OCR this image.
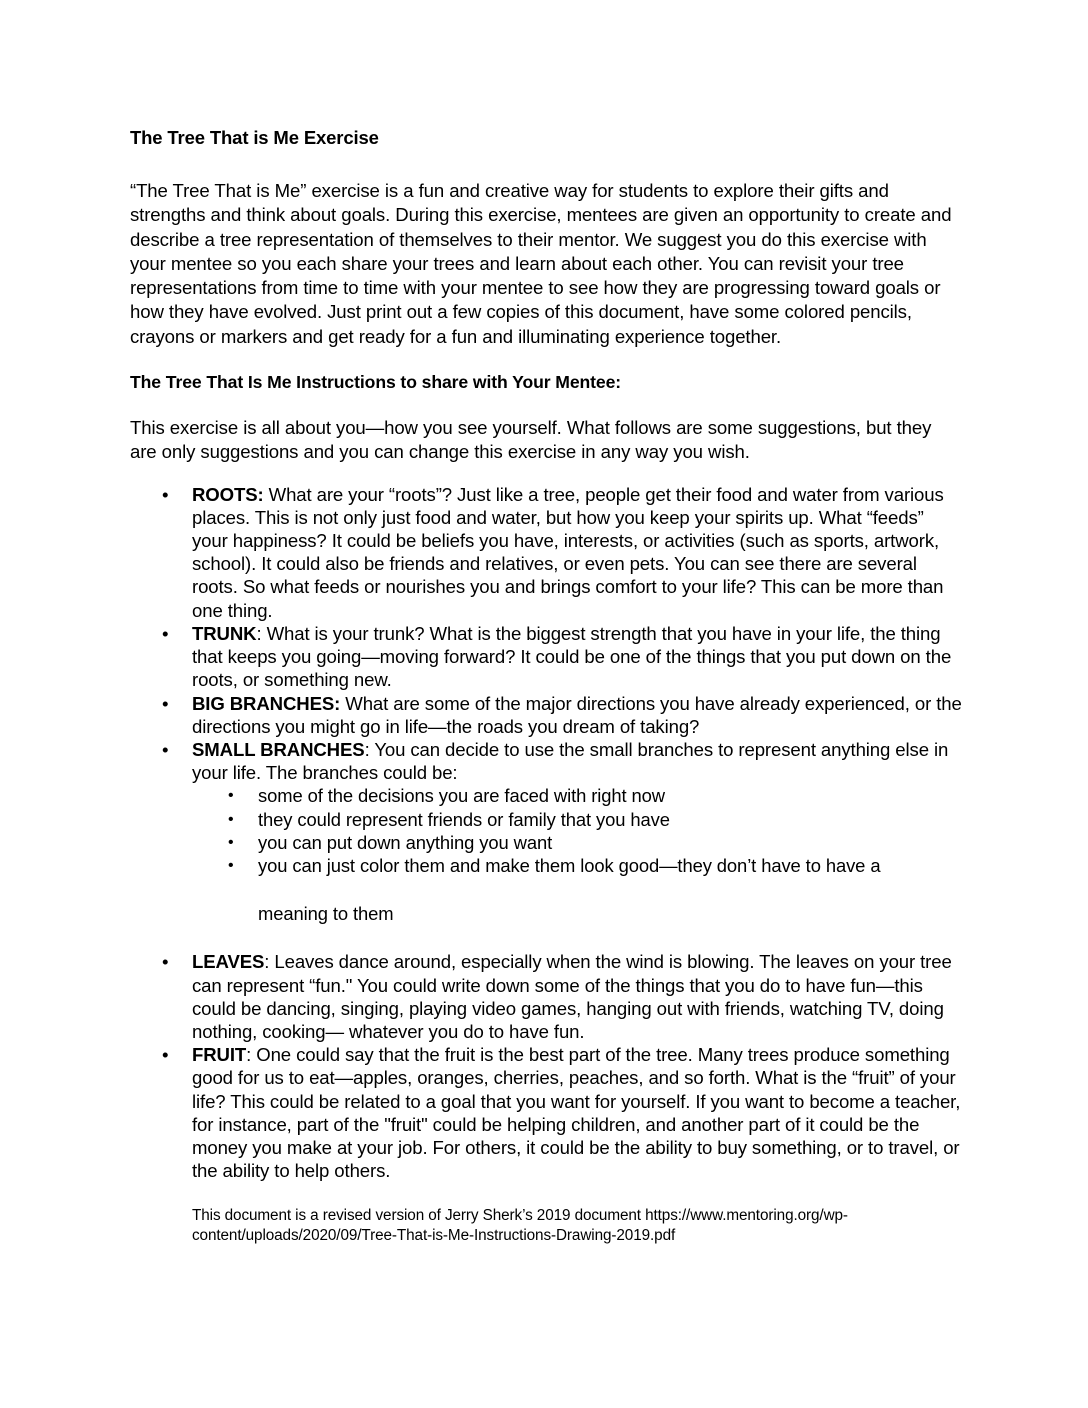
The Tree That is Me Exercise

“The Tree That is Me” exercise is a fun and creative way for students to explore their gifts and strengths and think about goals. During this exercise, mentees are given an opportunity to create and describe a tree representation of themselves to their mentor. We suggest you do this exercise with your mentee so you each share your trees and learn about each other. You can revisit your tree representations from time to time with your mentee to see how they are progressing toward goals or how they have evolved. Just print out a few copies of this document, have some colored pencils, crayons or markers and get ready for a fun and illuminating experience together.

The Tree That Is Me Instructions to share with Your Mentee:

This exercise is all about you—how you see yourself. What follows are some suggestions, but they are only suggestions and you can change this exercise in any way you wish.

• ROOTS: What are your “roots”? Just like a tree, people get their food and water from various places. This is not only just food and water, but how you keep your spirits up. What “feeds” your happiness? It could be beliefs you have, interests, or activities (such as sports, artwork, school). It could also be friends and relatives, or even pets. You can see there are several roots. So what feeds or nourishes you and brings comfort to your life? This can be more than one thing.
• TRUNK: What is your trunk? What is the biggest strength that you have in your life, the thing that keeps you going—moving forward? It could be one of the things that you put down on the roots, or something new.
• BIG BRANCHES: What are some of the major directions you have already experienced, or the directions you might go in life—the roads you dream of taking?
• SMALL BRANCHES: You can decide to use the small branches to represent anything else in your life. The branches could be:
• some of the decisions you are faced with right now
• they could represent friends or family that you have
• you can put down anything you want
• you can just color them and make them look good—they don’t have to have a
meaning to them
• LEAVES: Leaves dance around, especially when the wind is blowing. The leaves on your tree can represent “fun." You could write down some of the things that you do to have fun—this could be dancing, singing, playing video games, hanging out with friends, watching TV, doing nothing, cooking— whatever you do to have fun.
• FRUIT: One could say that the fruit is the best part of the tree. Many trees produce something good for us to eat—apples, oranges, cherries, peaches, and so forth. What is the “fruit” of your life? This could be related to a goal that you want for yourself. If you want to become a teacher, for instance, part of the "fruit" could be helping children, and another part of it could be the money you make at your job. For others, it could be the ability to buy something, or to travel, or the ability to help others.
This document is a revised version of Jerry Sherk’s 2019 document https://www.mentoring.org/wp-content/uploads/2020/09/Tree-That-is-Me-Instructions-Drawing-2019.pdf
